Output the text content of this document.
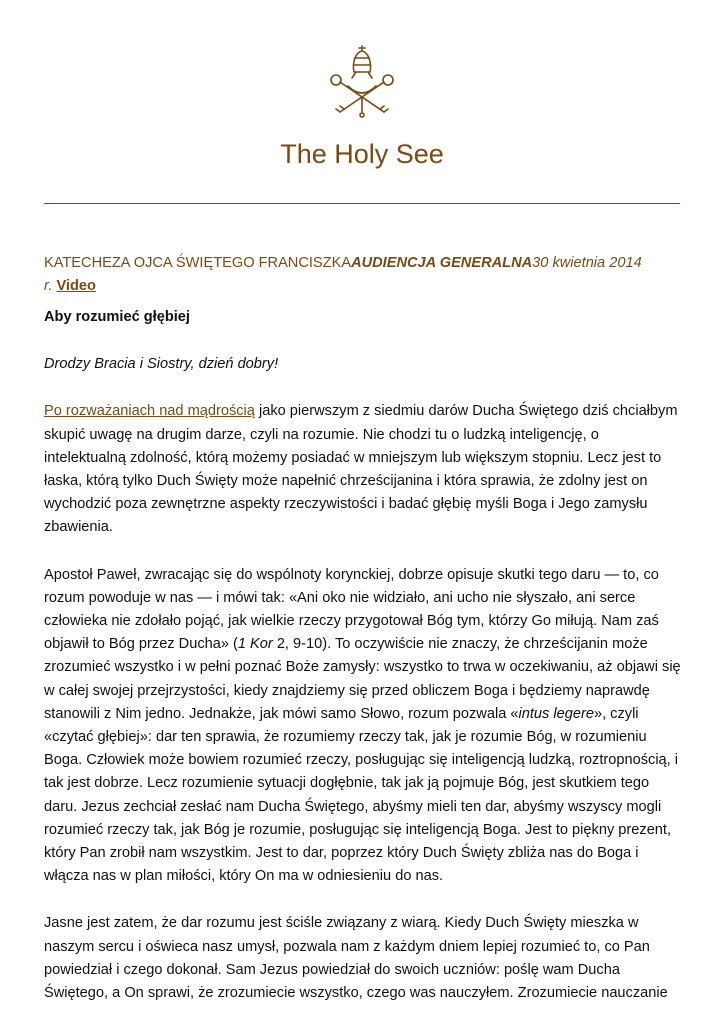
The Holy See
KATECHEZA OJCA ŚWIĘTEGO FRANCISZKAAUDIENCJA GENERALNA30 kwietnia 2014
r. Video
Aby rozumieć głębiej
Drodzy Bracia i Siostry, dzień dobry!

Po rozważaniach nad mądrością jako pierwszym z siedmiu darów Ducha Świętego dziś chciałbym skupić uwagę na drugim darze, czyli na rozumie. Nie chodzi tu o ludzką inteligencję, o intelektualną zdolność, którą możemy posiadać w mniejszym lub większym stopniu. Lecz jest to łaska, którą tylko Duch Święty może napełnić chrześcijanina i która sprawia, że zdolny jest on wychodzić poza zewnętrzne aspekty rzeczywistości i badać głębię myśli Boga i Jego zamysłu zbawienia.

Apostoł Paweł, zwracając się do wspólnoty korynckiej, dobrze opisuje skutki tego daru — to, co rozum powoduje w nas — i mówi tak: «Ani oko nie widziało, ani ucho nie słyszało, ani serce człowieka nie zdołało pojąć, jak wielkie rzeczy przygotował Bóg tym, którzy Go miłują. Nam zaś objawił to Bóg przez Ducha» (1 Kor 2, 9-10). To oczywiście nie znaczy, że chrześcijanin może zrozumieć wszystko i w pełni poznać Boże zamysły: wszystko to trwa w oczekiwaniu, aż objawi się w całej swojej przejrzystości, kiedy znajdziemy się przed obliczem Boga i będziemy naprawdę stanowili z Nim jedno. Jednakże, jak mówi samo Słowo, rozum pozwala «intus legere», czyli «czytać głębiej»: dar ten sprawia, że rozumiemy rzeczy tak, jak je rozumie Bóg, w rozumieniu Boga. Człowiek może bowiem rozumieć rzeczy, posługując się inteligencją ludzką, roztropnością, i tak jest dobrze. Lecz rozumienie sytuacji dogłębnie, tak jak ją pojmuje Bóg, jest skutkiem tego daru. Jezus zechciał zesłać nam Ducha Świętego, abyśmy mieli ten dar, abyśmy wszyscy mogli rozumieć rzeczy tak, jak Bóg je rozumie, posługując się inteligencją Boga. Jest to piękny prezent, który Pan zrobił nam wszystkim. Jest to dar, poprzez który Duch Święty zbliża nas do Boga i włącza nas w plan miłości, który On ma w odniesieniu do nas.

Jasne jest zatem, że dar rozumu jest ściśle związany z wiarą. Kiedy Duch Święty mieszka w naszym sercu i oświeca nasz umysł, pozwala nam z każdym dniem lepiej rozumieć to, co Pan powiedział i czego dokonał. Sam Jezus powiedział do swoich uczniów: poślę wam Ducha Świętego, a On sprawi, że zrozumiecie wszystko, czego was nauczyłem. Zrozumiecie nauczanie
